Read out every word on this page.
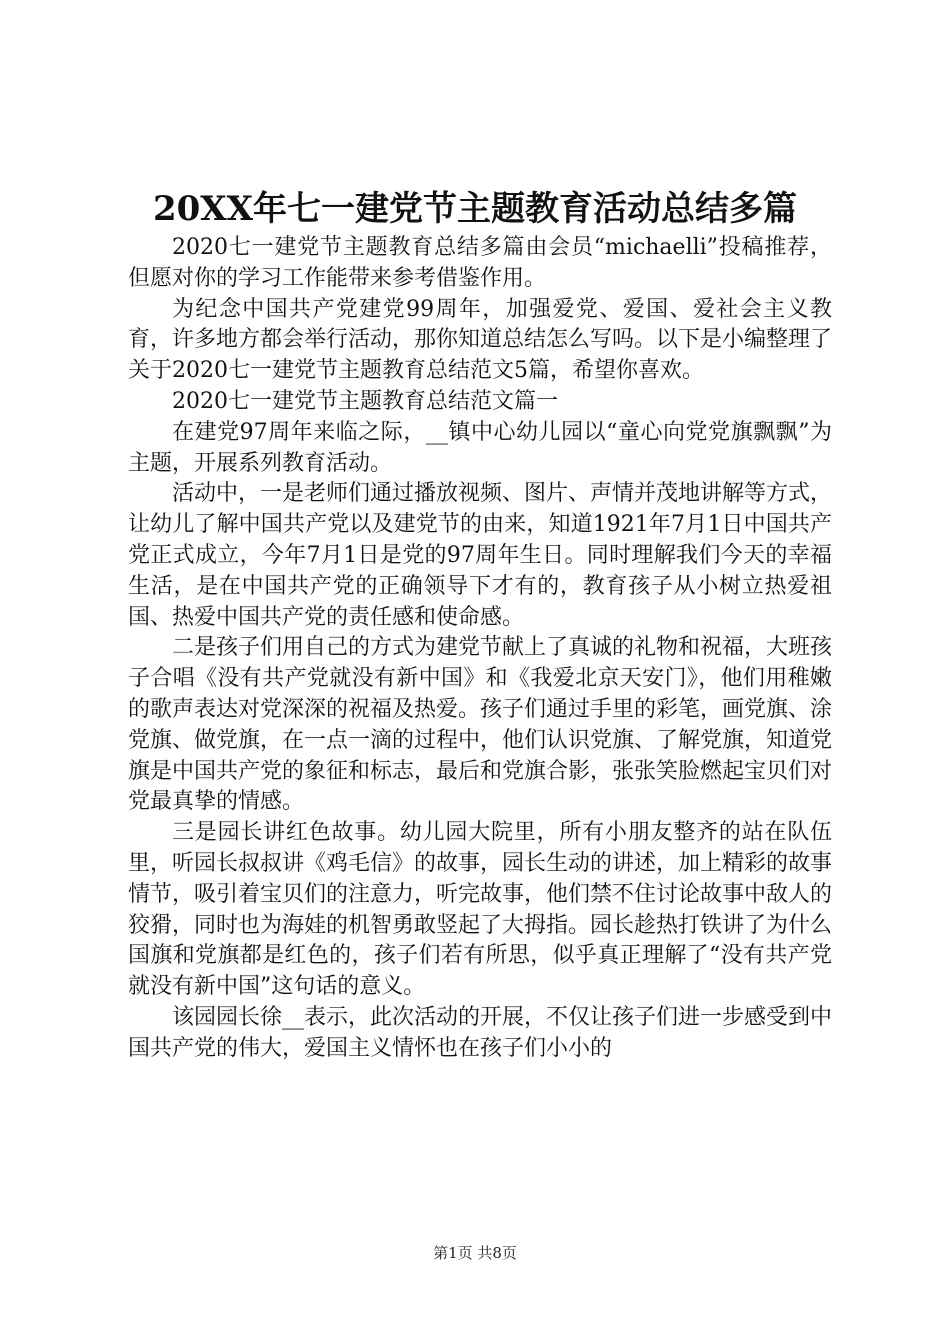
20XX年七一建党节主题教育活动总结多篇

2020七一建党节主题教育总结多篇由会员“michaelli”投稿推荐，但愿对你的学习工作能带来参考借鉴作用。

为纪念中国共产党建党99周年，加强爱党、爱国、爱社会主义教育，许多地方都会举行活动，那你知道总结怎么写吗。以下是小编整理了关于2020七一建党节主题教育总结范文5篇，希望你喜欢。

2020七一建党节主题教育总结范文篇一

在建党97周年来临之际，__镇中心幼儿园以“童心向党党旗飘飘”为主题，开展系列教育活动。

活动中，一是老师们通过播放视频、图片、声情并茂地讲解等方式，让幼儿了解中国共产党以及建党节的由来，知道1921年7月1日中国共产党正式成立，今年7月1日是党的97周年生日。同时理解我们今天的幸福生活，是在中国共产党的正确领导下才有的，教育孩子从小树立热爱祖国、热爱中国共产党的责任感和使命感。

二是孩子们用自己的方式为建党节献上了真诚的礼物和祝福，大班孩子合唱《没有共产党就没有新中国》和《我爱北京天安门》，他们用稚嫩的歌声表达对党深深的祝福及热爱。孩子们通过手里的彩笔，画党旗、涂党旗、做党旗，在一点一滴的过程中，他们认识党旗、了解党旗，知道党旗是中国共产党的象征和标志，最后和党旗合影，张张笑脸燃起宝贝们对党最真挚的情感。

三是园长讲红色故事。幼儿园大院里，所有小朋友整齐的站在队伍里，听园长叔叔讲《鸡毛信》的故事，园长生动的讲述，加上精彩的故事情节，吸引着宝贝们的注意力，听完故事，他们禁不住讨论故事中敌人的狡猾，同时也为海娃的机智勇敢竖起了大拇指。园长趁热打铁讲了为什么国旗和党旗都是红色的，孩子们若有所思，似乎真正理解了“没有共产党就没有新中国”这句话的意义。

该园园长徐__表示，此次活动的开展，不仅让孩子们进一步感受到中国共产党的伟大，爱国主义情怀也在孩子们小小的

第1页 共8页
